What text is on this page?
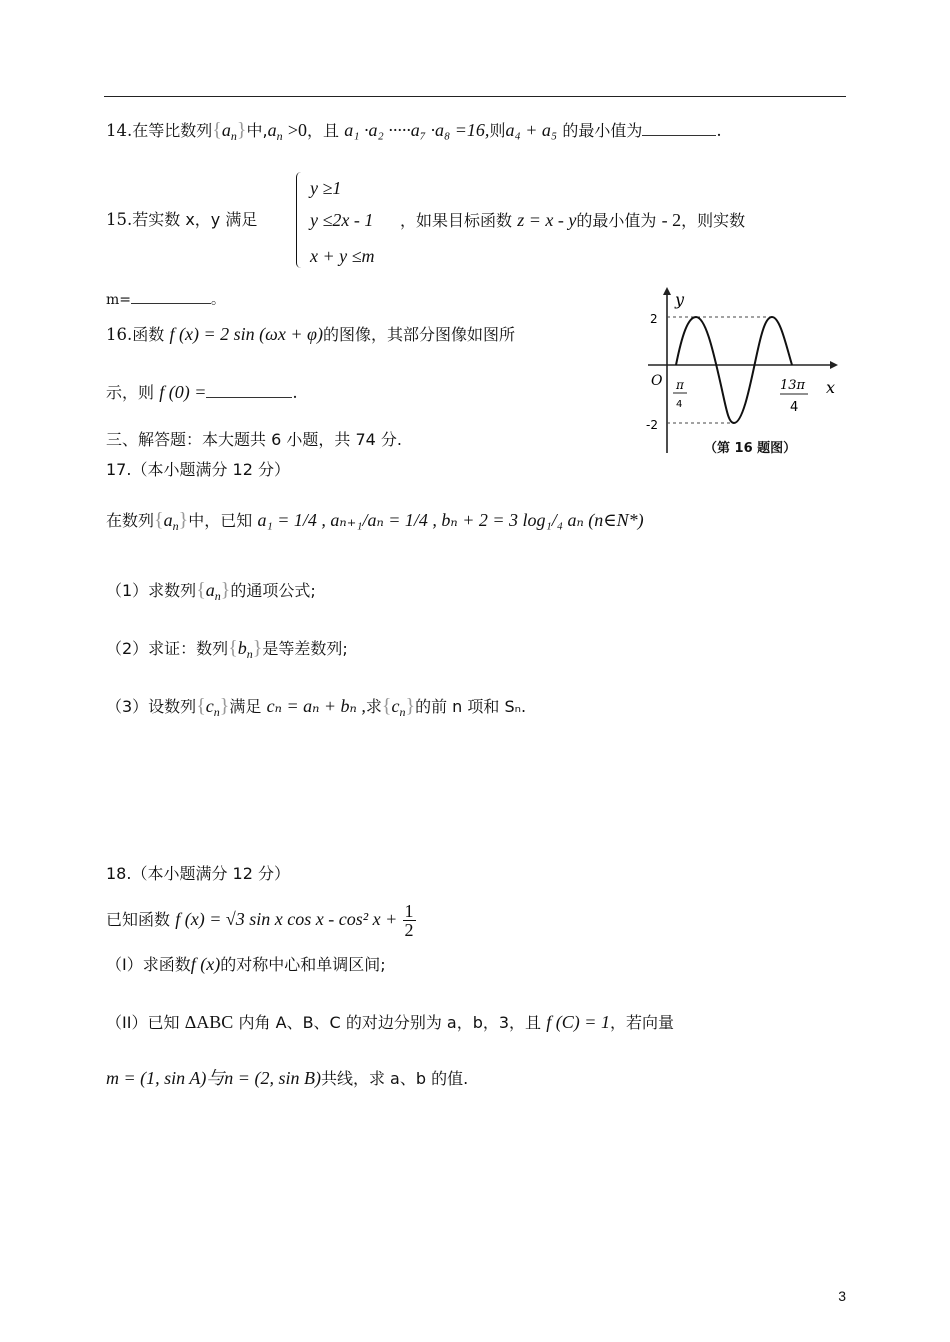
14.在等比数列$\{a_n\}$中$,a_n >0$，且 a₁ ·a₂ ·····a₇ ·a₈ =16,则a₄ + a₅ 的最小值为	.
y ≥1
y ≤2x - 1
x + y ≤m
15.若实数 x，y 满足	，如果目标函数 z = x - y的最小值为 - 2，则实数
m=	。
16.函数 f (x) = 2 sin (ωx + φ)的图像，其部分图像如图所
示，则 f (0) =	.
y
x
O
2
-2
π
4
13π
4
（第 16 题图）
三、解答题：本大题共 6 小题，共 74 分.
17.（本小题满分 12 分）
在数列$\{a_n\}$中，已知 a₁ = 1/4 , aₙ₊₁/aₙ = 1/4 , bₙ + 2 = 3 log₁/₄ aₙ (n∈N*)
（1）求数列$\{a_n\}$的通项公式;
（2）求证：数列$\{b_n\}$是等差数列;
（3）设数列$\{c_n\}$满足 cₙ = aₙ + bₙ ,求$\{c_n\}$的前 n 项和 Sₙ.
18.（本小题满分 12 分）
已知函数 f (x) = √3 sin x cos x - cos² $x + \frac{1}{2}$
（I）求函数f (x)的对称中心和单调区间;
（II）已知 ΔABC 内角 A、B、C 的对边分别为 a，b，3，且 f (C) = 1，若向量
m = (1, sin A)与n = (2, sin B)共线，求 a、b 的值.
3
